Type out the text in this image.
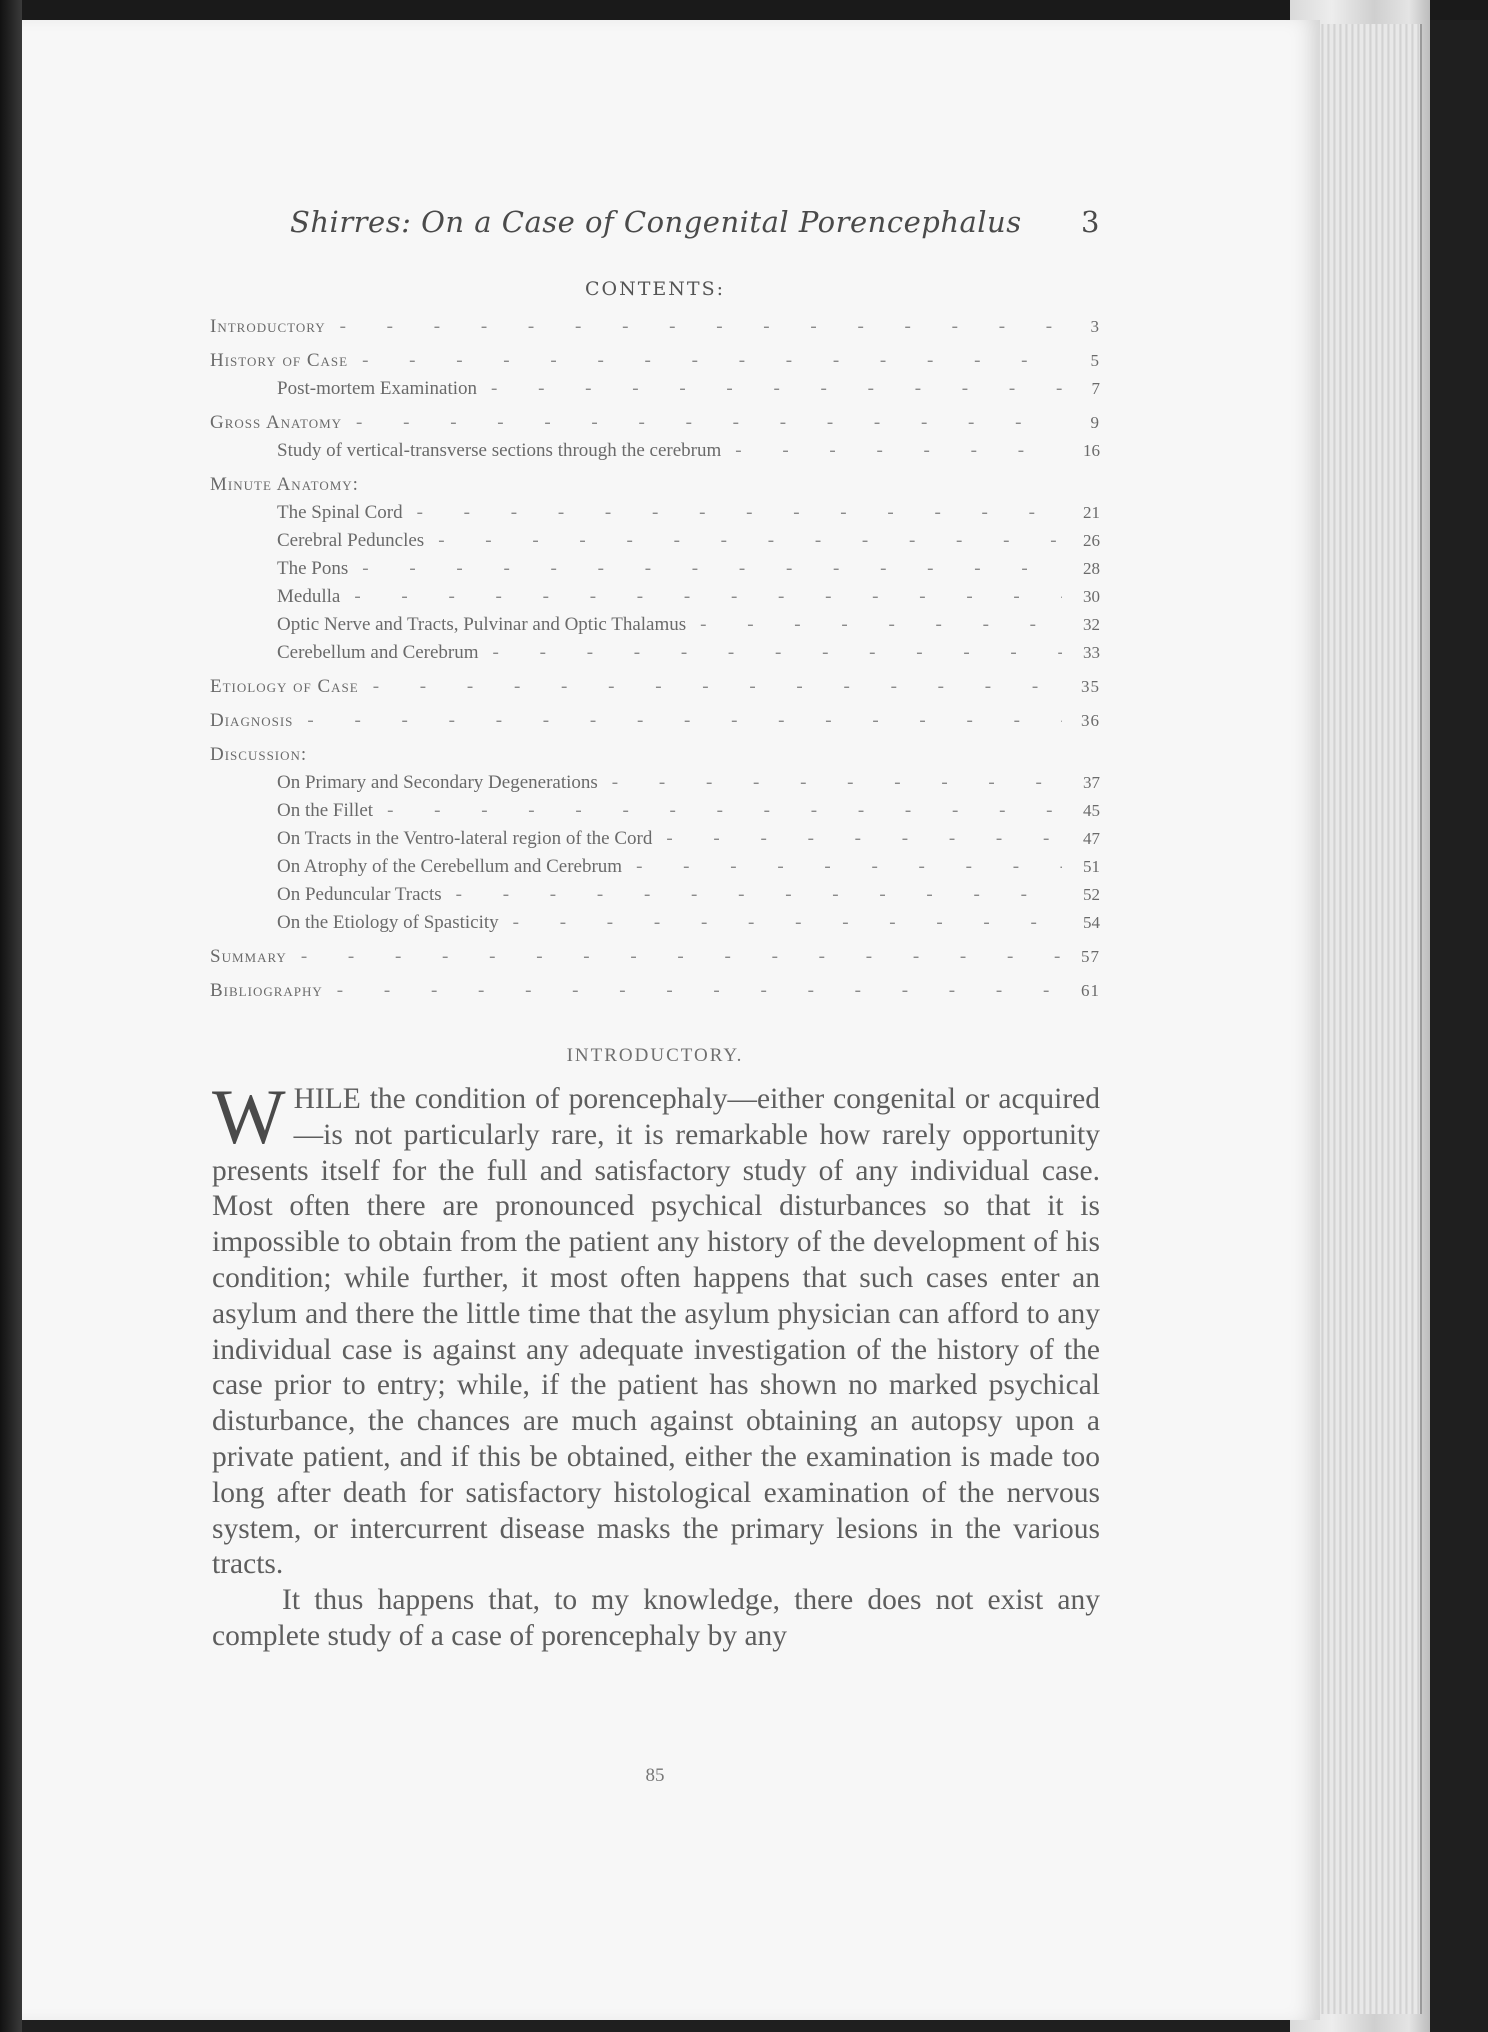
Shirres: On a Case of Congenital Porencephalus 3
CONTENTS:
Introductory - - -	3
History of Case - - -	5
Post-mortem Examination - - -	7
Gross Anatomy - - -	9
Study of vertical-transverse sections through the cerebrum - - -	16
Minute Anatomy:
The Spinal Cord - - -	21
Cerebral Peduncles - - -	26
The Pons - - -	28
Medulla - - -	30
Optic Nerve and Tracts, Pulvinar and Optic Thalamus - - -	32
Cerebellum and Cerebrum - - -	33
Etiology of Case - - -	35
Diagnosis - - -	36
Discussion:
On Primary and Secondary Degenerations - - -	37
On the Fillet - - -	45
On Tracts in the Ventro-lateral region of the Cord - - -	47
On Atrophy of the Cerebellum and Cerebrum - - -	51
On Peduncular Tracts - - -	52
On the Etiology of Spasticity - - -	54
Summary - - -	57
Bibliography - - -	61
INTRODUCTORY.

WHILE the condition of porencephaly—either congenital or acquired—is not particularly rare, it is remarkable how rarely opportunity presents itself for the full and satisfactory study of any individual case. Most often there are pronounced psychical disturbances so that it is impossible to obtain from the patient any history of the development of his condition; while further, it most often happens that such cases enter an asylum and there the little time that the asylum physician can afford to any individual case is against any adequate investigation of the history of the case prior to entry; while, if the patient has shown no marked psychical disturbance, the chances are much against obtaining an autopsy upon a private patient, and if this be obtained, either the examination is made too long after death for satisfactory histological examination of the nervous system, or intercurrent disease masks the primary lesions in the various tracts.

It thus happens that, to my knowledge, there does not exist any complete study of a case of porencephaly by any

85
